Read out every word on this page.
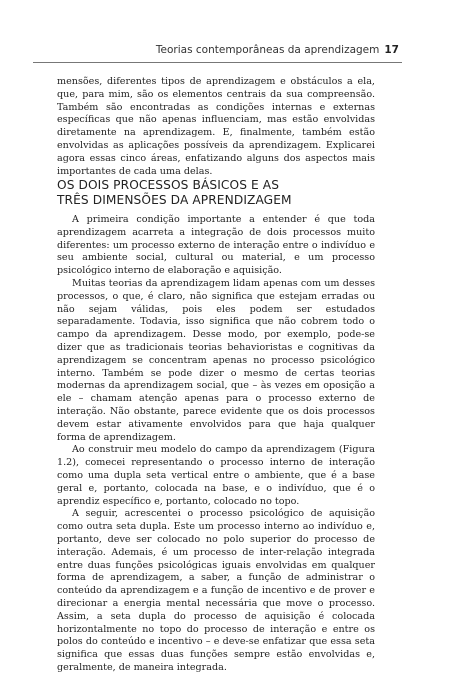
Teorias contemporâneas da aprendizagem 17

mensões, diferentes tipos de aprendizagem e obstáculos a ela, que, para mim, são os elementos centrais da sua compreensão. Também são encontradas as condições internas e externas específicas que não apenas influenciam, mas estão envolvidas diretamente na aprendizagem. E, finalmente, também estão envolvidas as aplicações possíveis da aprendizagem. Explicarei agora essas cinco áreas, enfatizando alguns dos aspectos mais importantes de cada uma delas.

OS DOIS PROCESSOS BÁSICOS E AS
TRÊS DIMENSÕES DA APRENDIZAGEM

A primeira condição importante a entender é que toda aprendizagem acarreta a integração de dois processos muito diferentes: um processo externo de interação entre o indivíduo e seu ambiente social, cultural ou material, e um processo psicológico interno de elaboração e aquisição.

Muitas teorias da aprendizagem lidam apenas com um desses processos, o que, é claro, não significa que estejam erradas ou não sejam válidas, pois eles podem ser estudados separadamente. Todavia, isso significa que não cobrem todo o campo da aprendizagem. Desse modo, por exemplo, pode-se dizer que as tradicionais teorias behavioristas e cognitivas da aprendizagem se concentram apenas no processo psicológico interno. Também se pode dizer o mesmo de certas teorias modernas da aprendizagem social, que – às vezes em oposição a ele – chamam atenção apenas para o processo externo de interação. Não obstante, parece evidente que os dois processos devem estar ativamente envolvidos para que haja qualquer forma de aprendizagem.

Ao construir meu modelo do campo da aprendizagem (Figura 1.2), comecei representando o processo interno de interação como uma dupla seta vertical entre o ambiente, que é a base geral e, portanto, colocada na base, e o indivíduo, que é o aprendiz específico e, portanto, colocado no topo.

A seguir, acrescentei o processo psicológico de aquisição como outra seta dupla. Este um processo interno ao indivíduo e, portanto, deve ser colocado no polo superior do processo de interação. Ademais, é um processo de inter-relação integrada entre duas funções psicológicas iguais envolvidas em qualquer forma de aprendizagem, a saber, a função de administrar o conteúdo da aprendizagem e a função de incentivo e de prover e direcionar a energia mental necessária que move o processo. Assim, a seta dupla do processo de aquisição é colocada horizontalmente no topo do processo de interação e entre os polos do conteúdo e incentivo – e deve-se enfatizar que essa seta significa que essas duas funções sempre estão envolvidas e, geralmente, de maneira integrada.
